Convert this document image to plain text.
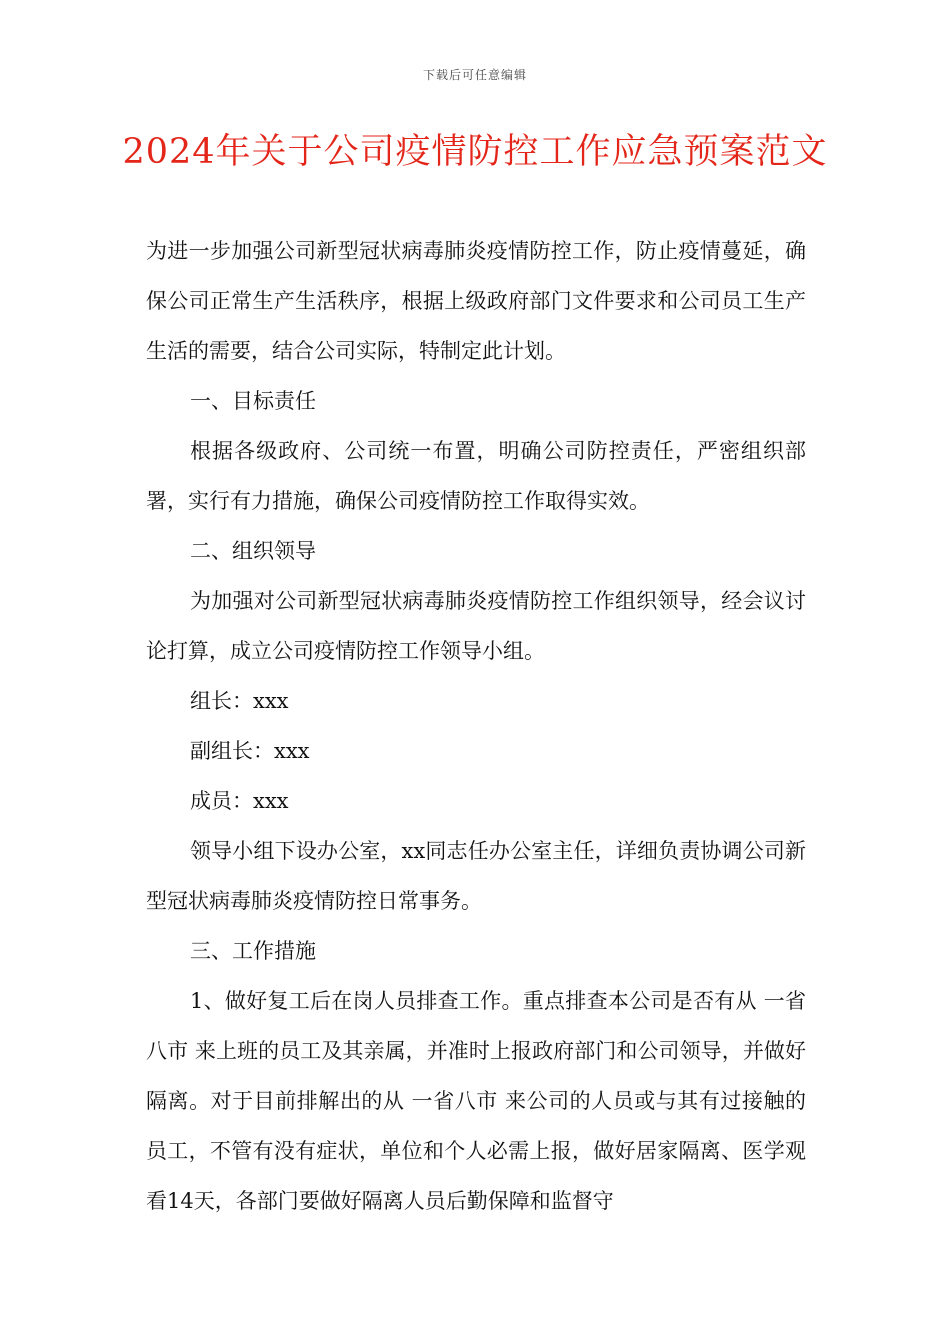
下载后可任意编辑
2024年关于公司疫情防控工作应急预案范文

为进一步加强公司新型冠状病毒肺炎疫情防控工作，防止疫情蔓延，确保公司正常生产生活秩序，根据上级政府部门文件要求和公司员工生产生活的需要，结合公司实际，特制定此计划。

一、目标责任

根据各级政府、公司统一布置，明确公司防控责任，严密组织部署，实行有力措施，确保公司疫情防控工作取得实效。

二、组织领导

为加强对公司新型冠状病毒肺炎疫情防控工作组织领导，经会议讨论打算，成立公司疫情防控工作领导小组。

组长：xxx

副组长：xxx

成员：xxx

领导小组下设办公室，xx同志任办公室主任，详细负责协调公司新型冠状病毒肺炎疫情防控日常事务。

三、工作措施

1、做好复工后在岗人员排查工作。重点排查本公司是否有从 一省八市 来上班的员工及其亲属，并准时上报政府部门和公司领导，并做好隔离。对于目前排解出的从 一省八市 来公司的人员或与其有过接触的员工，不管有没有症状，单位和个人必需上报，做好居家隔离、医学观看14天，各部门要做好隔离人员后勤保障和监督守
